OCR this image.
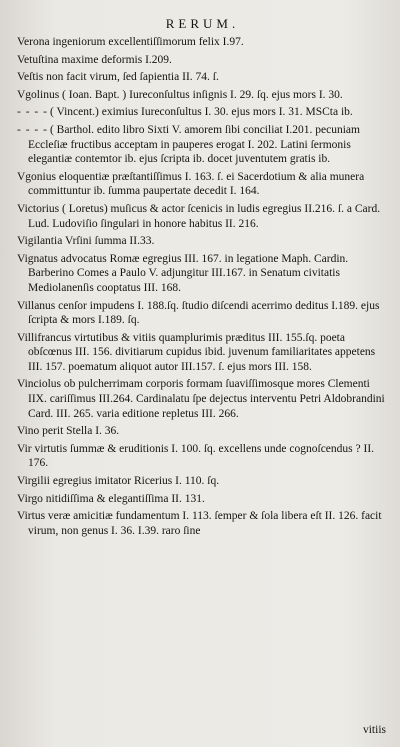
RERUM.

Verona ingeniorum excellentiſſimorum felix I.97.

Vetuſtina maxime deformis I.209.

Veſtis non facit virum, ſed ſapientia II. 74. ſ.

Vgolinus ( Ioan. Bapt. ) Iureconſultus inſignis I. 29. ſq. ejus mors I. 30.

- - - - ( Vincent.) eximius Iureconſultus I. 30. ejus mors I. 31. MSCta ib.

- - - - ( Barthol. edito libro Sixti V. amorem ſibi conciliat I.201. pecuniam Eccleſiæ fructibus acceptam in pauperes erogat I. 202. Latini ſermonis elegantiæ contemtor ib. ejus ſcripta ib. docet juventutem gratis ib.

Vgonius eloquentiæ præſtantiſſimus I. 163. ſ. ei Sacerdotium & alia munera committuntur ib. ſumma paupertate decedit I. 164.

Victorius ( Loretus) muſicus & actor ſcenicis in ludis egregius II.216. ſ. a Card. Lud. Ludoviſio ſingulari in honore habitus II. 216.

Vigilantia Vrſini ſumma II.33.

Vignatus advocatus Romæ egregius III. 167. in legatione Maph. Cardin. Barberino Comes a Paulo V. adjungitur III.167. in Senatum civitatis Mediolanenſis cooptatus III. 168.

Villanus cenſor impudens I. 188.ſq. ſtudio diſcendi acerrimo deditus I.189. ejus ſcripta & mors I.189. ſq.

Villifrancus virtutibus & vitiis quamplurimis præditus III. 155.ſq. poeta obſcœnus III. 156. divitiarum cupidus ibid. juvenum familiaritates appetens III. 157. poematum aliquot autor III.157. ſ. ejus mors III. 158.

Vinciolus ob pulcherrimam corporis formam ſuaviſſimosque mores Clementi IIX. cariſſimus III.264. Cardinalatu ſpe dejectus interventu Petri Aldobrandini Card. III. 265. varia editione repletus III. 266.

Vino perit Stella I. 36.

Vir virtutis ſummæ & eruditionis I. 100. ſq. excellens unde cognoſcendus ? II. 176.

Virgilii egregius imitator Ricerius I. 110. ſq.

Virgo nitidiſſima & elegantiſſima II. 131.

Virtus veræ amicitiæ fundamentum I. 113. ſemper & ſola libera eſt II. 126. facit virum, non genus I. 36. I.39. raro ſine

vitiis
